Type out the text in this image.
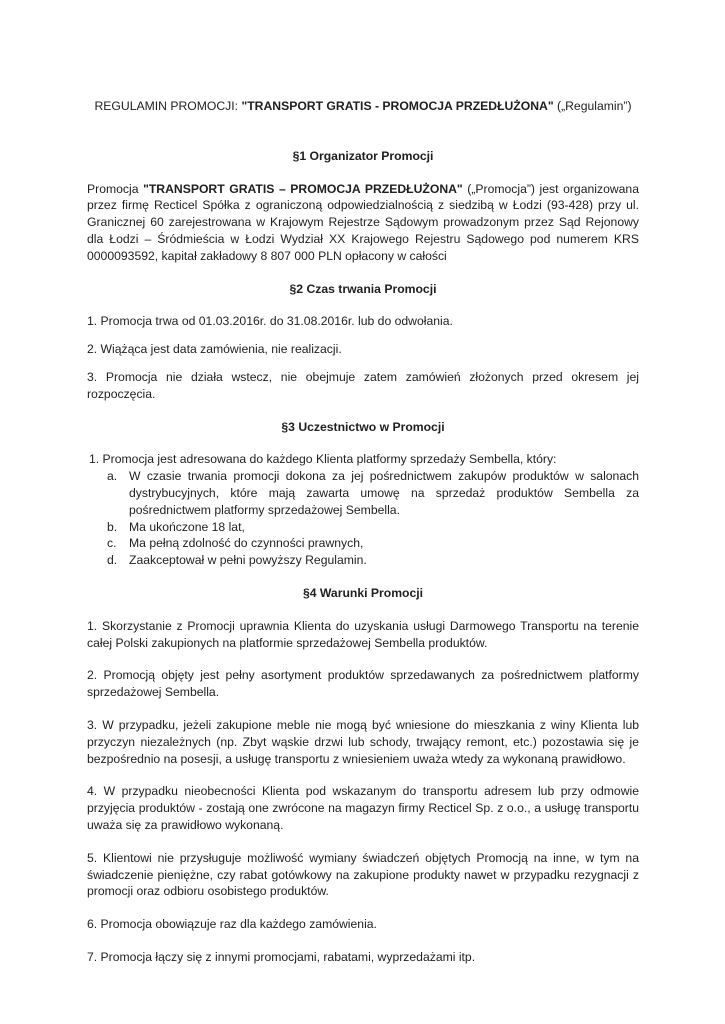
REGULAMIN PROMOCJI: "TRANSPORT GRATIS - PROMOCJA PRZEDŁUŻONA" („Regulamin”)
§1 Organizator Promocji

Promocja "TRANSPORT GRATIS – PROMOCJA PRZEDŁUŻONA" („Promocja”) jest organizowana przez firmę Recticel Spółka z ograniczoną odpowiedzialnością z siedzibą w Łodzi (93-428) przy ul. Granicznej 60 zarejestrowana w Krajowym Rejestrze Sądowym prowadzonym przez Sąd Rejonowy dla Łodzi – Śródmieścia w Łodzi Wydział XX Krajowego Rejestru Sądowego pod numerem KRS 0000093592, kapitał zakładowy 8 807 000 PLN opłacony w całości

§2 Czas trwania Promocji

1. Promocja trwa od 01.03.2016r. do 31.08.2016r. lub do odwołania.

2. Wiążąca jest data zamówienia, nie realizacji.

3. Promocja nie działa wstecz, nie obejmuje zatem zamówień złożonych przed okresem jej rozpoczęcia.

§3 Uczestnictwo w Promocji

1. Promocja jest adresowana do każdego Klienta platformy sprzedaży Sembella, który:

a. W czasie trwania promocji dokona za jej pośrednictwem zakupów produktów w salonach dystrybucyjnych, które mają zawarta umowę na sprzedaż produktów Sembella za pośrednictwem platformy sprzedażowej Sembella.
b. Ma ukończone 18 lat,
c. Ma pełną zdolność do czynności prawnych,
d. Zaakceptował w pełni powyższy Regulamin.
§4 Warunki Promocji

1. Skorzystanie z Promocji uprawnia Klienta do uzyskania usługi Darmowego Transportu na terenie całej Polski zakupionych na platformie sprzedażowej Sembella produktów.

2. Promocją objęty jest pełny asortyment produktów sprzedawanych za pośrednictwem platformy sprzedażowej Sembella.

3. W przypadku, jeżeli zakupione meble nie mogą być wniesione do mieszkania z winy Klienta lub przyczyn niezależnych (np. Zbyt wąskie drzwi lub schody, trwający remont, etc.) pozostawia się je bezpośrednio na posesji, a usługę transportu z wniesieniem uważa wtedy za wykonaną prawidłowo.

4. W przypadku nieobecności Klienta pod wskazanym do transportu adresem lub przy odmowie przyjęcia produktów - zostają one zwrócone na magazyn firmy Recticel Sp. z o.o., a usługę transportu uważa się za prawidłowo wykonaną.

5. Klientowi nie przysługuje możliwość wymiany świadczeń objętych Promocją na inne, w tym na świadczenie pieniężne, czy rabat gotówkowy na zakupione produkty nawet w przypadku rezygnacji z promocji oraz odbioru osobistego produktów.

6. Promocja obowiązuje raz dla każdego zamówienia.

7. Promocja łączy się z innymi promocjami, rabatami, wyprzedażami itp.
